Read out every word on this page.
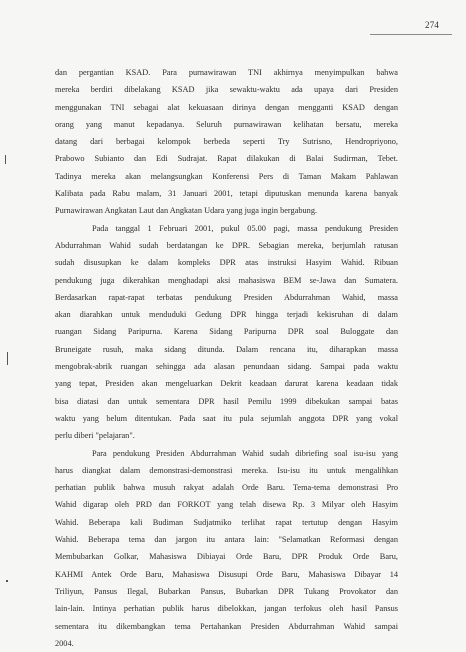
274
dan pergantian KSAD. Para purnawirawan TNI akhirnya menyimpulkan bahwa
mereka berdiri dibelakang KSAD jika sewaktu-waktu ada upaya dari Presiden
menggunakan TNI sebagai alat kekuasaan dirinya dengan mengganti KSAD dengan
orang yang manut kepadanya. Seluruh purnawirawan kelihatan bersatu, mereka
datang dari berbagai kelompok berbeda seperti Try Sutrisno, Hendropriyono,
Prabowo Subianto dan Edi Sudrajat. Rapat dilakukan di Balai Sudirman, Tebet.
Tadinya mereka akan melangsungkan Konferensi Pers di Taman Makam Pahlawan
Kalibata pada Rabu malam, 31 Januari 2001, tetapi diputuskan menunda karena banyak
Purnawirawan Angkatan Laut dan Angkatan Udara yang juga ingin bergabung.
Pada tanggal 1 Februari 2001, pukul 05.00 pagi, massa pendukung Presiden
Abdurrahman Wahid sudah berdatangan ke DPR. Sebagian mereka, berjumlah ratusan
sudah disusupkan ke dalam kompleks DPR atas instruksi Hasyim Wahid. Ribuan
pendukung juga dikerahkan menghadapi aksi mahasiswa BEM se-Jawa dan Sumatera.
Berdasarkan rapat-rapat terbatas pendukung Presiden Abdurrahman Wahid, massa
akan diarahkan untuk menduduki Gedung DPR hingga terjadi kekisruhan di dalam
ruangan Sidang Paripurna. Karena Sidang Paripurna DPR soal Buloggate dan
Bruneigate rusuh, maka sidang ditunda. Dalam rencana itu, diharapkan massa
mengobrak-abrik ruangan sehingga ada alasan penundaan sidang. Sampai pada waktu
yang tepat, Presiden akan mengeluarkan Dekrit keadaan darurat karena keadaan tidak
bisa diatasi dan untuk sementara DPR hasil Pemilu 1999 dibekukan sampai batas
waktu yang belum ditentukan. Pada saat itu pula sejumlah anggota DPR yang vokal
perlu diberi "pelajaran".
Para pendukung Presiden Abdurrahman Wahid sudah dibriefing soal isu-isu yang
harus diangkat dalam demonstrasi-demonstrasi mereka. Isu-isu itu untuk mengalihkan
perhatian publik bahwa musuh rakyat adalah Orde Baru. Tema-tema demonstrasi Pro
Wahid digarap oleh PRD dan FORKOT yang telah disewa Rp. 3 Milyar oleh Hasyim
Wahid. Beberapa kali Budiman Sudjatmiko terlihat rapat tertutup dengan Hasyim
Wahid. Beberapa tema dan jargon itu antara lain: "Selamatkan Reformasi dengan
Membubarkan Golkar, Mahasiswa Dibiayai Orde Baru, DPR Produk Orde Baru,
KAHMI Antek Orde Baru, Mahasiswa Disusupi Orde Baru, Mahasiswa Dibayar 14
Triliyun, Pansus Ilegal, Bubarkan Pansus, Bubarkan DPR Tukang Provokator dan
lain-lain. Intinya perhatian publik harus dibelokkan, jangan terfokus oleh hasil Pansus
sementara itu dikembangkan tema Pertahankan Presiden Abdurrahman Wahid sampai
2004.
